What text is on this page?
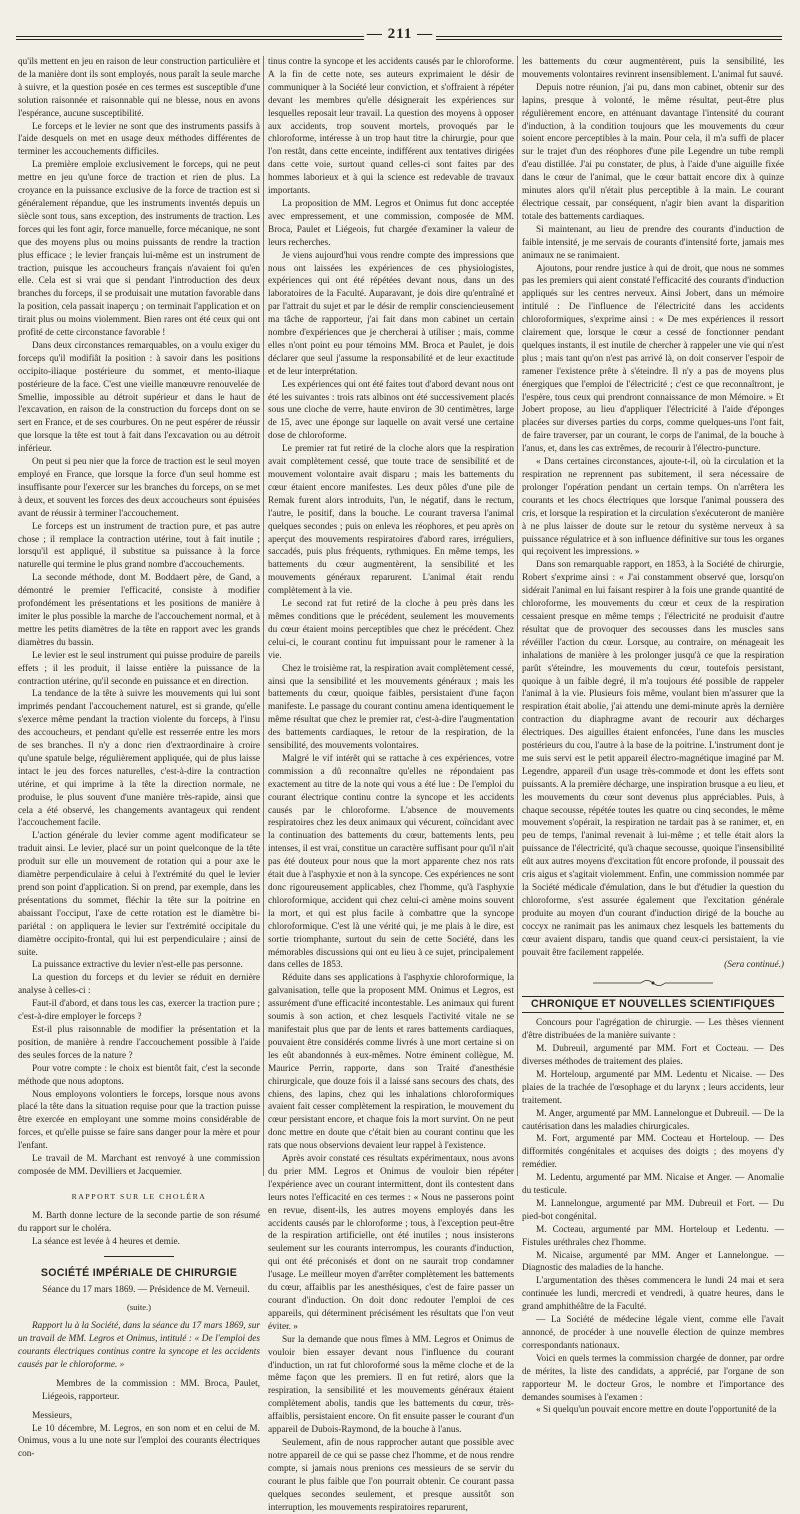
— 211 —

qu'ils mettent en jeu en raison de leur construction particulière et de la manière dont ils sont employés, nous paraît la seule marche à suivre, et la question posée en ces termes est susceptible d'une solution raisonnée et raisonnable qui ne blesse, nous en avons l'espérance, aucune susceptibilité.

Le forceps et le levier ne sont que des instruments passifs à l'aide desquels on met en usage deux méthodes différentes de terminer les accouchements difficiles.

La première emploie exclusivement le forceps, qui ne peut mettre en jeu qu'une force de traction et rien de plus. La croyance en la puissance exclusive de la force de traction est si généralement répandue, que les instruments inventés depuis un siècle sont tous, sans exception, des instruments de traction. Les forces qui les font agir, force manuelle, force mécanique, ne sont que des moyens plus ou moins puissants de rendre la traction plus efficace ; le levier français lui-même est un instrument de traction, puisque les accoucheurs français n'avaient foi qu'en elle. Cela est si vrai que si pendant l'introduction des deux branches du forceps, il se produisait une mutation favorable dans la position, cela passait inaperçu ; on terminait l'application et on tirait plus ou moins violemment. Bien rares ont été ceux qui ont profité de cette circonstance favorable !

Dans deux circonstances remarquables, on a voulu exiger du forceps qu'il modifiât la position : à savoir dans les positions occipito-iliaque postérieure du sommet, et mento-iliaque postérieure de la face. C'est une vieille manœuvre renouvelée de Smellie, impossible au détroit supérieur et dans le haut de l'excavation, en raison de la construction du forceps dont on se sert en France, et de ses courbures. On ne peut espérer de réussir que lorsque la tête est tout à fait dans l'excavation ou au détroit inférieur.

On peut si peu nier que la force de traction est le seul moyen employé en France, que lorsque la force d'un seul homme est insuffisante pour l'exercer sur les branches du forceps, on se met à deux, et souvent les forces des deux accoucheurs sont épuisées avant de réussir à terminer l'accouchement.

Le forceps est un instrument de traction pure, et pas autre chose ; il remplace la contraction utérine, tout à fait inutile ; lorsqu'il est appliqué, il substitue sa puissance à la force naturelle qui termine le plus grand nombre d'accouchements.

La seconde méthode, dont M. Boddaert père, de Gand, a démontré le premier l'efficacité, consiste à modifier profondément les présentations et les positions de manière à imiter le plus possible la marche de l'accouchement normal, et à mettre les petits diamètres de la tête en rapport avec les grands diamètres du bassin.

Le levier est le seul instrument qui puisse produire de pareils effets ; il les produit, il laisse entière la puissance de la contraction utérine, qu'il seconde en puissance et en direction.

La tendance de la tête à suivre les mouvements qui lui sont imprimés pendant l'accouchement naturel, est si grande, qu'elle s'exerce même pendant la traction violente du forceps, à l'insu des accoucheurs, et pendant qu'elle est resserrée entre les mors de ses branches. Il n'y a donc rien d'extraordinaire à croire qu'une spatule belge, régulièrement appliquée, qui de plus laisse intact le jeu des forces naturelles, c'est-à-dire la contraction utérine, et qui imprime à la tête la direction normale, ne produise, le plus souvent d'une manière très-rapide, ainsi que cela a été observé, les changements avantageux qui rendent l'accouchement facile.

L'action générale du levier comme agent modificateur se traduit ainsi. Le levier, placé sur un point quelconque de la tête produit sur elle un mouvement de rotation qui a pour axe le diamètre perpendiculaire à celui à l'extrémité du quel le levier prend son point d'application. Si on prend, par exemple, dans les présentations du sommet, fléchir la tête sur la poitrine en abaissant l'occiput, l'axe de cette rotation est le diamètre bi-pariétal : on appliquera le levier sur l'extrémité occipitale du diamètre occipito-frontal, qui lui est perpendiculaire ; ainsi de suite.

La puissance extractive du levier n'est-elle pas personne.

La question du forceps et du levier se réduit en dernière analyse à celles-ci :

Faut-il d'abord, et dans tous les cas, exercer la traction pure ; c'est-à-dire employer le forceps ?

Est-il plus raisonnable de modifier la présentation et la position, de manière à rendre l'accouchement possible à l'aide des seules forces de la nature ?

Pour votre compte : le choix est bientôt fait, c'est la seconde méthode que nous adoptons.

Nous employons volontiers le forceps, lorsque nous avons placé la tête dans la situation requise pour que la traction puisse être exercée en employant une somme moins considérable de forces, et qu'elle puisse se faire sans danger pour la mère et pour l'enfant.

Le travail de M. Marchant est renvoyé à une commission composée de MM. Devilliers et Jacquemier.

RAPPORT SUR LE CHOLÉRA

M. Barth donne lecture de la seconde partie de son résumé du rapport sur le choléra.

La séance est levée à 4 heures et demie.

SOCIÉTÉ IMPÉRIALE DE CHIRURGIE

Séance du 17 mars 1869. — Présidence de M. Verneuil.

(suite.)

Rapport lu à la Société, dans la séance du 17 mars 1869, sur un travail de MM. Legros et Onimus, intitulé : « De l'emploi des courants électriques continus contre la syncope et les accidents causés par le chloroforme. »

Membres de la commission : MM. Broca, Paulet, Liégeois, rapporteur.

Messieurs,

Le 10 décembre, M. Legros, en son nom et en celui de M. Onimus, vous a lu une note sur l'emploi des courants électriques con-

tinus contre la syncope et les accidents causés par le chloroforme. A la fin de cette note, ses auteurs exprimaient le désir de communiquer à la Société leur conviction, et s'offraient à répéter devant les membres qu'elle désignerait les expériences sur lesquelles reposait leur travail. La question des moyens à opposer aux accidents, trop souvent mortels, provoqués par le chloroforme, intéresse à un trop haut titre la chirurgie, pour que l'on restât, dans cette enceinte, indifférent aux tentatives dirigées dans cette voie, surtout quand celles-ci sont faites par des hommes laborieux et à qui la science est redevable de travaux importants.

La proposition de MM. Legros et Onimus fut donc acceptée avec empressement, et une commission, composée de MM. Broca, Paulet et Liégeois, fut chargée d'examiner la valeur de leurs recherches.

Je viens aujourd'hui vous rendre compte des impressions que nous ont laissées les expériences de ces physiologistes, expériences qui ont été répétées devant nous, dans un des laboratoires de la Faculté. Auparavant, je dois dire qu'entraîné et par l'attrait du sujet et par le désir de remplir consciencieusement ma tâche de rapporteur, j'ai fait dans mon cabinet un certain nombre d'expériences que je chercherai à utiliser ; mais, comme elles n'ont point eu pour témoins MM. Broca et Paulet, je dois déclarer que seul j'assume la responsabilité et de leur exactitude et de leur interprétation.

Les expériences qui ont été faites tout d'abord devant nous ont été les suivantes : trois rats albinos ont été successivement placés sous une cloche de verre, haute environ de 30 centimètres, large de 15, avec une éponge sur laquelle on avait versé une certaine dose de chloroforme.

Le premier rat fut retiré de la cloche alors que la respiration avait complètement cessé, que toute trace de sensibilité et de mouvement volontaire avait disparu ; mais les battements du cœur étaient encore manifestes. Les deux pôles d'une pile de Remak furent alors introduits, l'un, le négatif, dans le rectum, l'autre, le positif, dans la bouche. Le courant traversa l'animal quelques secondes ; puis on enleva les réophores, et peu après on aperçut des mouvements respiratoires d'abord rares, irréguliers, saccadés, puis plus fréquents, rythmiques. En même temps, les battements du cœur augmentèrent, la sensibilité et les mouvements généraux reparurent. L'animal était rendu complètement à la vie.

Le second rat fut retiré de la cloche à peu près dans les mêmes conditions que le précédent, seulement les mouvements du cœur étaient moins perceptibles que chez le précédent. Chez celui-ci, le courant continu fut impuissant pour le ramener à la vie.

Chez le troisième rat, la respiration avait complètement cessé, ainsi que la sensibilité et les mouvements généraux ; mais les battements du cœur, quoique faibles, persistaient d'une façon manifeste. Le passage du courant continu amena identiquement le même résultat que chez le premier rat, c'est-à-dire l'augmentation des battements cardiaques, le retour de la respiration, de la sensibilité, des mouvements volontaires.

Malgré le vif intérêt qui se rattache à ces expériences, votre commission a dû reconnaître qu'elles ne répondaient pas exactement au titre de la note qui vous a été lue : De l'emploi du courant électrique continu contre la syncope et les accidents causés par le chloroforme. L'absence de mouvements respiratoires chez les deux animaux qui vécurent, coïncidant avec la continuation des battements du cœur, battements lents, peu intenses, il est vrai, constitue un caractère suffisant pour qu'il n'ait pas été douteux pour nous que la mort apparente chez nos rats était due à l'asphyxie et non à la syncope. Ces expériences ne sont donc rigoureusement applicables, chez l'homme, qu'à l'asphyxie chloroformique, accident qui chez celui-ci amène moins souvent la mort, et qui est plus facile à combattre que la syncope chloroformique. C'est là une vérité qui, je me plais à le dire, est sortie triomphante, surtout du sein de cette Société, dans les mémorables discussions qui ont eu lieu à ce sujet, principalement dans celles de 1853.

Réduite dans ses applications à l'asphyxie chloroformique, la galvanisation, telle que la proposent MM. Onimus et Legros, est assurément d'une efficacité incontestable. Les animaux qui furent soumis à son action, et chez lesquels l'activité vitale ne se manifestait plus que par de lents et rares battements cardiaques, pouvaient être considérés comme livrés à une mort certaine si on les eût abandonnés à eux-mêmes. Notre éminent collègue, M. Maurice Perrin, rapporte, dans son Traité d'anesthésie chirurgicale, que douze fois il a laissé sans secours des chats, des chiens, des lapins, chez qui les inhalations chloroformiques avaient fait cesser complètement la respiration, le mouvement du cœur persistant encore, et chaque fois la mort survint. On ne peut donc mettre en doute que c'était bien au courant continu que les rats que nous observions devaient leur rappel à l'existence.

Après avoir constaté ces résultats expérimentaux, nous avons du prier MM. Legros et Onimus de vouloir bien répéter l'expérience avec un courant intermittent, dont ils contestent dans leurs notes l'efficacité en ces termes : « Nous ne passerons point en revue, disent-ils, les autres moyens employés dans les accidents causés par le chloroforme ; tous, à l'exception peut-être de la respiration artificielle, ont été inutiles ; nous insisterons seulement sur les courants interrompus, les courants d'induction, qui ont été préconisés et dont on ne saurait trop condamner l'usage. Le meilleur moyen d'arrêter complètement les battements du cœur, affaiblis par les anesthésiques, c'est de faire passer un courant d'induction. On doit donc redouter l'emploi de ces appareils, qui déterminent précisément les résultats que l'on veut éviter. »

Sur la demande que nous fîmes à MM. Legros et Onimus de vouloir bien essayer devant nous l'influence du courant d'induction, un rat fut chloroformé sous la même cloche et de la même façon que les premiers. Il en fut retiré, alors que la respiration, la sensibilité et les mouvements généraux étaient complètement abolis, tandis que les battements du cœur, très-affaiblis, persistaient encore. On fit ensuite passer le courant d'un appareil de Dubois-Raymond, de la bouche à l'anus.

Seulement, afin de nous rapprocher autant que possible avec notre appareil de ce qui se passe chez l'homme, et de nous rendre compte, si jamais nous prenions ces messieurs de se servir du courant le plus faible que l'on pourrait obtenir. Ce courant passa quelques secondes seulement, et presque aussitôt son interruption, les mouvements respiratoires reparurent,

les battements du cœur augmentèrent, puis la sensibilité, les mouvements volontaires revinrent insensiblement. L'animal fut sauvé.

Depuis notre réunion, j'ai pu, dans mon cabinet, obtenir sur des lapins, presque à volonté, le même résultat, peut-être plus régulièrement encore, en atténuant davantage l'intensité du courant d'induction, à la condition toujours que les mouvements du cœur soient encore perceptibles à la main. Pour cela, il m'a suffi de placer sur le trajet d'un des réophores d'une pile Legendre un tube rempli d'eau distillée. J'ai pu constater, de plus, à l'aide d'une aiguille fixée dans le cœur de l'animal, que le cœur battait encore dix à quinze minutes alors qu'il n'était plus perceptible à la main. Le courant électrique cessait, par conséquent, n'agir bien avant la disparition totale des battements cardiaques.

Si maintenant, au lieu de prendre des courants d'induction de faible intensité, je me servais de courants d'intensité forte, jamais mes animaux ne se ranimaient.

Ajoutons, pour rendre justice à qui de droit, que nous ne sommes pas les premiers qui aient constaté l'efficacité des courants d'induction appliqués sur les centres nerveux. Ainsi Jobert, dans un mémoire intitulé : De l'influence de l'électricité dans les accidents chloroformiques, s'exprime ainsi : « De mes expériences il ressort clairement que, lorsque le cœur a cessé de fonctionner pendant quelques instants, il est inutile de chercher à rappeler une vie qui n'est plus ; mais tant qu'on n'est pas arrivé là, on doit conserver l'espoir de ramener l'existence prête à s'éteindre. Il n'y a pas de moyens plus énergiques que l'emploi de l'électricité ; c'est ce que reconnaîtront, je l'espère, tous ceux qui prendront connaissance de mon Mémoire. » Et Jobert propose, au lieu d'appliquer l'électricité à l'aide d'éponges placées sur diverses parties du corps, comme quelques-uns l'ont fait, de faire traverser, par un courant, le corps de l'animal, de la bouche à l'anus, et, dans les cas extrêmes, de recourir à l'électro-puncture.

« Dans certaines circonstances, ajoute-t-il, où la circulation et la respiration ne reprennent pas subitement, il sera nécessaire de prolonger l'opération pendant un certain temps. On n'arrêtera les courants et les chocs électriques que lorsque l'animal poussera des cris, et lorsque la respiration et la circulation s'exécuteront de manière à ne plus laisser de doute sur le retour du système nerveux à sa puissance régulatrice et à son influence définitive sur tous les organes qui reçoivent les impressions. »

Dans son remarquable rapport, en 1853, à la Société de chirurgie, Robert s'exprime ainsi : « J'ai constamment observé que, lorsqu'on sidérait l'animal en lui faisant respirer à la fois une grande quantité de chloroforme, les mouvements du cœur et ceux de la respiration cessaient presque en même temps ; l'électricité ne produisit d'autre résultat que de provoquer des secousses dans les muscles sans révéiller l'action du cœur. Lorsque, au contraire, on ménageait les inhalations de manière à les prolonger jusqu'à ce que la respiration parût s'éteindre, les mouvements du cœur, toutefois persistant, quoique à un faible degré, il m'a toujours été possible de rappeler l'animal à la vie. Plusieurs fois même, voulant bien m'assurer que la respiration était abolie, j'ai attendu une demi-minute après la dernière contraction du diaphragme avant de recourir aux décharges électriques. Des aiguilles étaient enfoncées, l'une dans les muscles postérieurs du cou, l'autre à la base de la poitrine. L'instrument dont je me suis servi est le petit appareil électro-magnétique imaginé par M. Legendre, appareil d'un usage très-commode et dont les effets sont puissants. A la première décharge, une inspiration brusque a eu lieu, et les mouvements du cœur sont devenus plus appréciables. Puis, à chaque secousse, répétée toutes les quatre ou cinq secondes, le même mouvement s'opérait, la respiration ne tardait pas à se ranimer, et, en peu de temps, l'animal revenait à lui-même ; et telle était alors la puissance de l'électricité, qu'à chaque secousse, quoique l'insensibilité eût aux autres moyens d'excitation fût encore profonde, il poussait des cris aigus et s'agitait violemment. Enfin, une commission nommée par la Société médicale d'émulation, dans le but d'étudier la question du chloroforme, s'est assurée également que l'excitation générale produite au moyen d'un courant d'induction dirigé de la bouche au coccyx ne ranimait pas les animaux chez lesquels les battements du cœur avaient disparu, tandis que quand ceux-ci persistaient, la vie pouvait être facilement rappelée.

(Sera continué.)

CHRONIQUE ET NOUVELLES SCIENTIFIQUES

Concours pour l'agrégation de chirurgie. — Les thèses viennent d'être distribuées de la manière suivante :

M. Dubreuil, argumenté par MM. Fort et Cocteau. — Des diverses méthodes de traitement des plaies.

M. Horteloup, argumenté par MM. Ledentu et Nicaise. — Des plaies de la trachée de l'œsophage et du larynx ; leurs accidents, leur traitement.

M. Anger, argumenté par MM. Lannelongue et Dubreuil. — De la cautérisation dans les maladies chirurgicales.

M. Fort, argumenté par MM. Cocteau et Horteloup. — Des difformités congénitales et acquises des doigts ; des moyens d'y remédier.

M. Ledentu, argumenté par MM. Nicaise et Anger. — Anomalie du testicule.

M. Lannelongue, argumenté par MM. Dubreuil et Fort. — Du pied-bot congénital.

M. Cocteau, argumenté par MM. Horteloup et Ledentu. — Fistules uréthrales chez l'homme.

M. Nicaise, argumenté par MM. Anger et Lannelongue. — Diagnostic des maladies de la hanche.

L'argumentation des thèses commencera le lundi 24 mai et sera continuée les lundi, mercredi et vendredi, à quatre heures, dans le grand amphithéâtre de la Faculté.

— La Société de médecine légale vient, comme elle l'avait annoncé, de procéder à une nouvelle élection de quinze membres correspondants nationaux.

Voici en quels termes la commission chargée de donner, par ordre de mérites, la liste des candidats, a apprécié, par l'organe de son rapporteur M. le docteur Gros, le nombre et l'importance des demandes soumises à l'examen :

« Si quelqu'un pouvait encore mettre en doute l'opportunité de la
